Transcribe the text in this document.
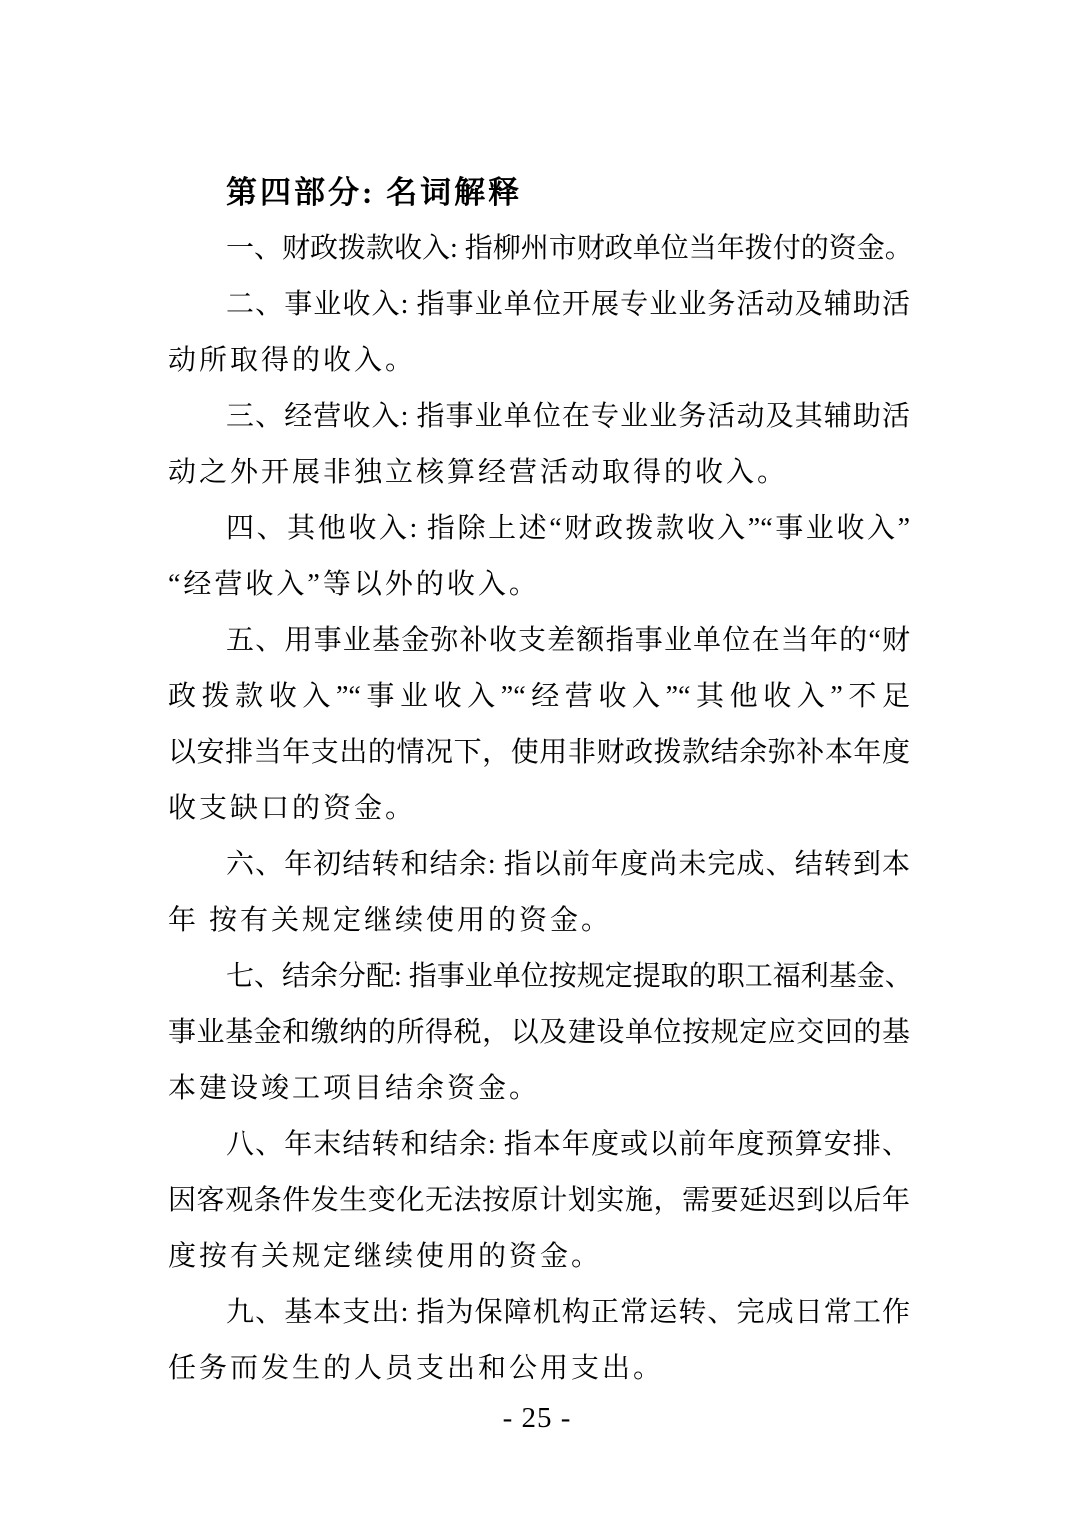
第四部分: 名词解释
一、财政拨款收入: 指柳州市财政单位当年拨付的资金。
二、事业收入: 指事业单位开展专业业务活动及辅助活
动所取得的收入。
三、经营收入: 指事业单位在专业业务活动及其辅助活
动之外开展非独立核算经营活动取得的收入。
四、其他收入: 指除上述“财政拨款收入”“事业收入”
“经营收入”等以外的收入。
五、用事业基金弥补收支差额指事业单位在当年的“财
政拨款收入”“事业收入”“经营收入”“其他收入”不足
以安排当年支出的情况下，使用非财政拨款结余弥补本年度
收支缺口的资金。
六、年初结转和结余: 指以前年度尚未完成、结转到本
年 按有关规定继续使用的资金。
七、结余分配: 指事业单位按规定提取的职工福利基金、
事业基金和缴纳的所得税，以及建设单位按规定应交回的基
本建设竣工项目结余资金。
八、年末结转和结余: 指本年度或以前年度预算安排、
因客观条件发生变化无法按原计划实施，需要延迟到以后年
度按有关规定继续使用的资金。
九、基本支出: 指为保障机构正常运转、完成日常工作
任务而发生的人员支出和公用支出。
- 25 -
